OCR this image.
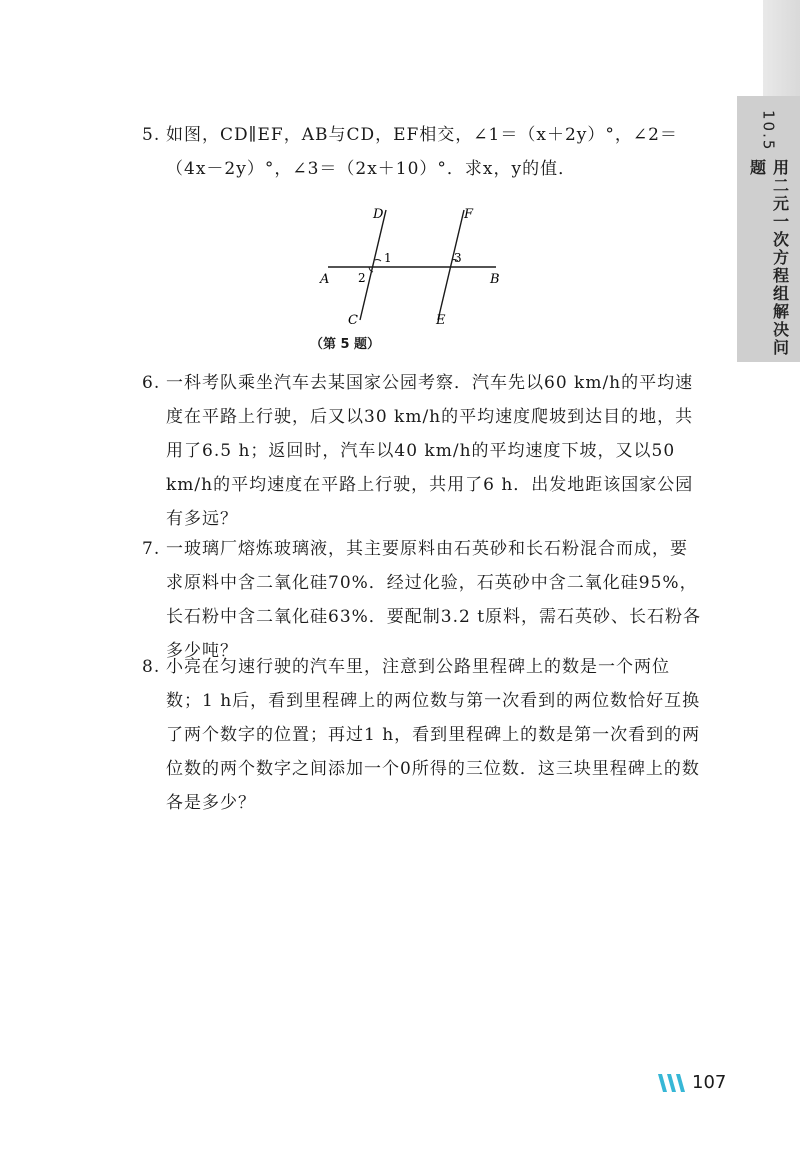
10.5
用二元一次方程组解决问题
5. 如图，CD∥EF，AB与CD，EF相交，∠1＝（x＋2y）°，∠2＝（4x－2y）°，∠3＝（2x＋10）°．求x，y的值．
A	B
C
D
E
F
1
2
3
（第 5 题）
6. 一科考队乘坐汽车去某国家公园考察．汽车先以60 km/h的平均速度在平路上行驶，后又以30 km/h的平均速度爬坡到达目的地，共用了6.5 h；返回时，汽车以40 km/h的平均速度下坡，又以50 km/h的平均速度在平路上行驶，共用了6 h．出发地距该国家公园有多远？
7. 一玻璃厂熔炼玻璃液，其主要原料由石英砂和长石粉混合而成，要求原料中含二氧化硅70%．经过化验，石英砂中含二氧化硅95%，长石粉中含二氧化硅63%．要配制3.2 t原料，需石英砂、长石粉各多少吨？
8. 小亮在匀速行驶的汽车里，注意到公路里程碑上的数是一个两位数；1 h后，看到里程碑上的两位数与第一次看到的两位数恰好互换了两个数字的位置；再过1 h，看到里程碑上的数是第一次看到的两位数的两个数字之间添加一个0所得的三位数．这三块里程碑上的数各是多少？
107
